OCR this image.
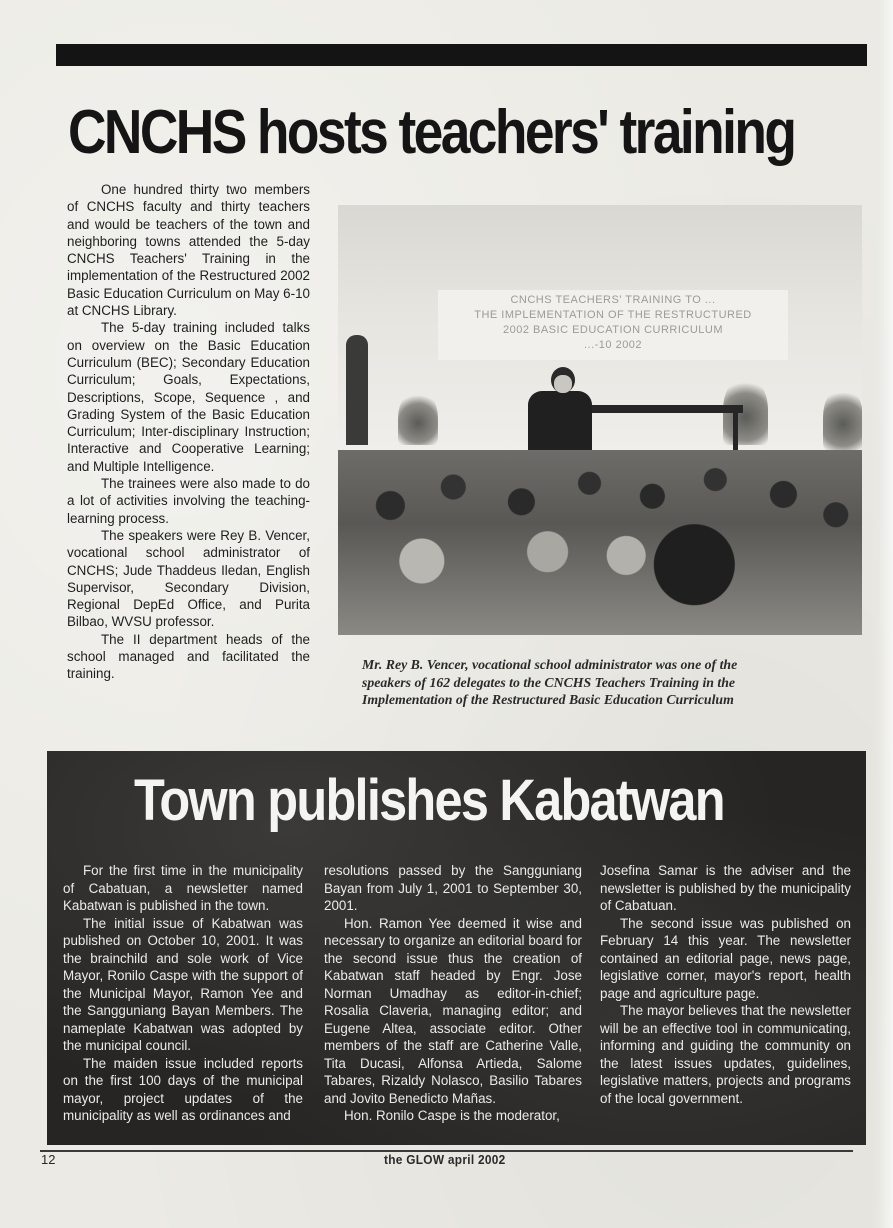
CNCHS hosts teachers' training

One hundred thirty two members of CNCHS faculty and thirty teachers and would be teachers of the town and neighboring towns attended the 5-day CNCHS Teachers' Training in the implementation of the Restructured 2002 Basic Education Curriculum on May 6-10 at CNCHS Library.

The 5-day training included talks on overview on the Basic Education Curriculum (BEC); Secondary Education Curriculum; Goals, Expectations, Descriptions, Scope, Sequence , and Grading System of the Basic Education Curriculum; Inter-disciplinary Instruction; Interactive and Cooperative Learning; and Multiple Intelligence.

The trainees were also made to do a lot of activities involving the teaching-learning process.

The speakers were Rey B. Vencer, vocational school administrator of CNCHS; Jude Thaddeus Iledan, English Supervisor, Secondary Division, Regional DepEd Office, and Purita Bilbao, WVSU professor.

The II department heads of the school managed and facilitated the training.

CNCHS TEACHERS' TRAINING TO ...
THE IMPLEMENTATION OF THE RESTRUCTURED
2002 BASIC EDUCATION CURRICULUM
...-10 2002

Mr. Rey B. Vencer, vocational school administrator was one of the

speakers of 162 delegates to the CNCHS Teachers Training in the

Implementation of the Restructured Basic Education Curriculum

Town publishes Kabatwan

For the first time in the municipality of Cabatuan, a newsletter named Kabatwan is published in the town.

The initial issue of Kabatwan was published on October 10, 2001. It was the brainchild and sole work of Vice Mayor, Ronilo Caspe with the support of the Municipal Mayor, Ramon Yee and the Sangguniang Bayan Members. The nameplate Kabatwan was adopted by the municipal council.

The maiden issue included reports on the first 100 days of the municipal mayor, project updates of the municipality as well as ordinances and

resolutions passed by the Sangguniang Bayan from July 1, 2001 to September 30, 2001.

Hon. Ramon Yee deemed it wise and necessary to organize an editorial board for the second issue thus the creation of Kabatwan staff headed by Engr. Jose Norman Umadhay as editor-in-chief; Rosalia Claveria, managing editor; and Eugene Altea, associate editor. Other members of the staff are Catherine Valle, Tita Ducasi, Alfonsa Artieda, Salome Tabares, Rizaldy Nolasco, Basilio Tabares and Jovito Benedicto Mañas.

Hon. Ronilo Caspe is the moderator,

Josefina Samar is the adviser and the newsletter is published by the municipality of Cabatuan.

The second issue was published on February 14 this year. The newsletter contained an editorial page, news page, legislative corner, mayor's report, health page and agriculture page.

The mayor believes that the newsletter will be an effective tool in communicating, informing and guiding the community on the latest issues updates, guidelines, legislative matters, projects and programs of the local government.

12	the GLOW april 2002
